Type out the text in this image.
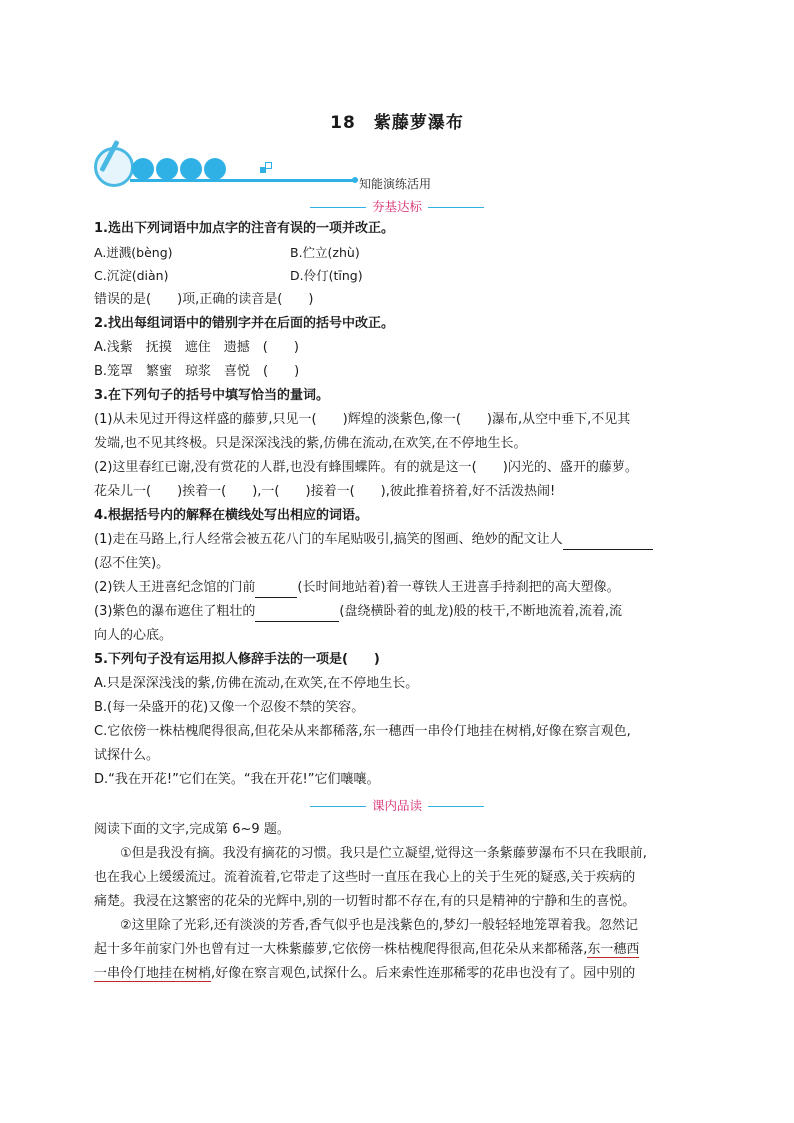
18　紫藤萝瀑布
知能演练活用
夯基达标
1.选出下列词语中加点字的注音有误的一项并改正。
A.迸溅(bèng)	B.伫立(zhù)
C.沉淀(diàn)	D.伶仃(tīng)
错误的是(　　)项,正确的读音是(　　)
2.找出每组词语中的错别字并在后面的括号中改正。
A.浅紫　抚摸　遮住　遗撼　(　　)
B.笼罩　繁蜜　琼浆　喜悦　(　　)
3.在下列句子的括号中填写恰当的量词。
(1)从未见过开得这样盛的藤萝,只见一(　　)辉煌的淡紫色,像一(　　)瀑布,从空中垂下,不见其
发端,也不见其终极。只是深深浅浅的紫,仿佛在流动,在欢笑,在不停地生长。
(2)这里春红已谢,没有赏花的人群,也没有蜂围蝶阵。有的就是这一(　　)闪光的、盛开的藤萝。
花朵儿一(　　)挨着一(　　),一(　　)接着一(　　),彼此推着挤着,好不活泼热闹!
4.根据括号内的解释在横线处写出相应的词语。
(1)走在马路上,行人经常会被五花八门的车尾贴吸引,搞笑的图画、绝妙的配文让人
(忍不住笑)。
(2)铁人王进喜纪念馆的门前	(长时间地站着)着一尊铁人王进喜手持刹把的高大塑像。
(3)紫色的瀑布遮住了粗壮的	(盘绕横卧着的虬龙)般的枝干,不断地流着,流着,流
向人的心底。
5.下列句子没有运用拟人修辞手法的一项是(　　)
A.只是深深浅浅的紫,仿佛在流动,在欢笑,在不停地生长。
B.(每一朵盛开的花)又像一个忍俊不禁的笑容。
C.它依傍一株枯槐爬得很高,但花朵从来都稀落,东一穗西一串伶仃地挂在树梢,好像在察言观色,
试探什么。
D.“我在开花!”它们在笑。“我在开花!”它们嚷嚷。
课内品读
阅读下面的文字,完成第 6~9 题。
①但是我没有摘。我没有摘花的习惯。我只是伫立凝望,觉得这一条紫藤萝瀑布不只在我眼前,
也在我心上缓缓流过。流着流着,它带走了这些时一直压在我心上的关于生死的疑惑,关于疾病的
痛楚。我浸在这繁密的花朵的光辉中,别的一切暂时都不存在,有的只是精神的宁静和生的喜悦。
②这里除了光彩,还有淡淡的芳香,香气似乎也是浅紫色的,梦幻一般轻轻地笼罩着我。忽然记
起十多年前家门外也曾有过一大株紫藤萝,它依傍一株枯槐爬得很高,但花朵从来都稀落,东一穗西
一串伶仃地挂在树梢,好像在察言观色,试探什么。后来索性连那稀零的花串也没有了。园中别的
